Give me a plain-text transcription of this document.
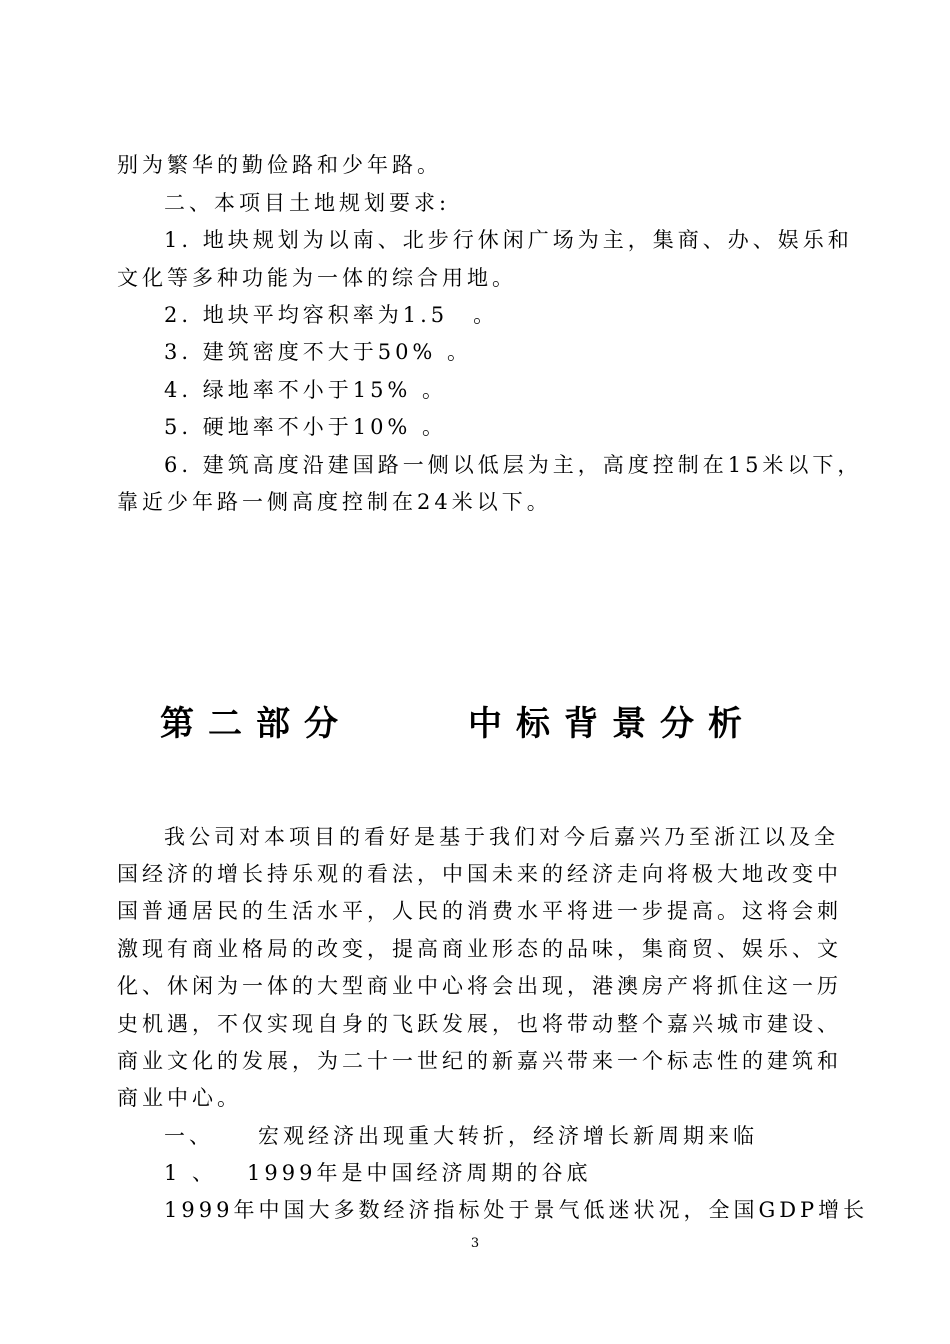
别为繁华的勤俭路和少年路。

二、本项目土地规划要求:

1. 地块规划为以南、北步行休闲广场为主，集商、办、娱乐和

文化等多种功能为一体的综合用地。

2. 地块平均容积率为1.5　。

3. 建筑密度不大于50% 。

4. 绿地率不小于15% 。

5. 硬地率不小于10% 。

6. 建筑高度沿建国路一侧以低层为主，高度控制在15米以下，

靠近少年路一侧高度控制在24米以下。

第二部分	中标背景分析

我公司对本项目的看好是基于我们对今后嘉兴乃至浙江以及全

国经济的增长持乐观的看法，中国未来的经济走向将极大地改变中

国普通居民的生活水平，人民的消费水平将进一步提高。这将会刺

激现有商业格局的改变，提高商业形态的品味，集商贸、娱乐、文

化、休闲为一体的大型商业中心将会出现，港澳房产将抓住这一历

史机遇，不仅实现自身的飞跃发展，也将带动整个嘉兴城市建设、

商业文化的发展，为二十一世纪的新嘉兴带来一个标志性的建筑和

商业中心。

一、 宏观经济出现重大转折，经济增长新周期来临

1 、 1999年是中国经济周期的谷底

1999年中国大多数经济指标处于景气低迷状况，全国GDP增长

3
